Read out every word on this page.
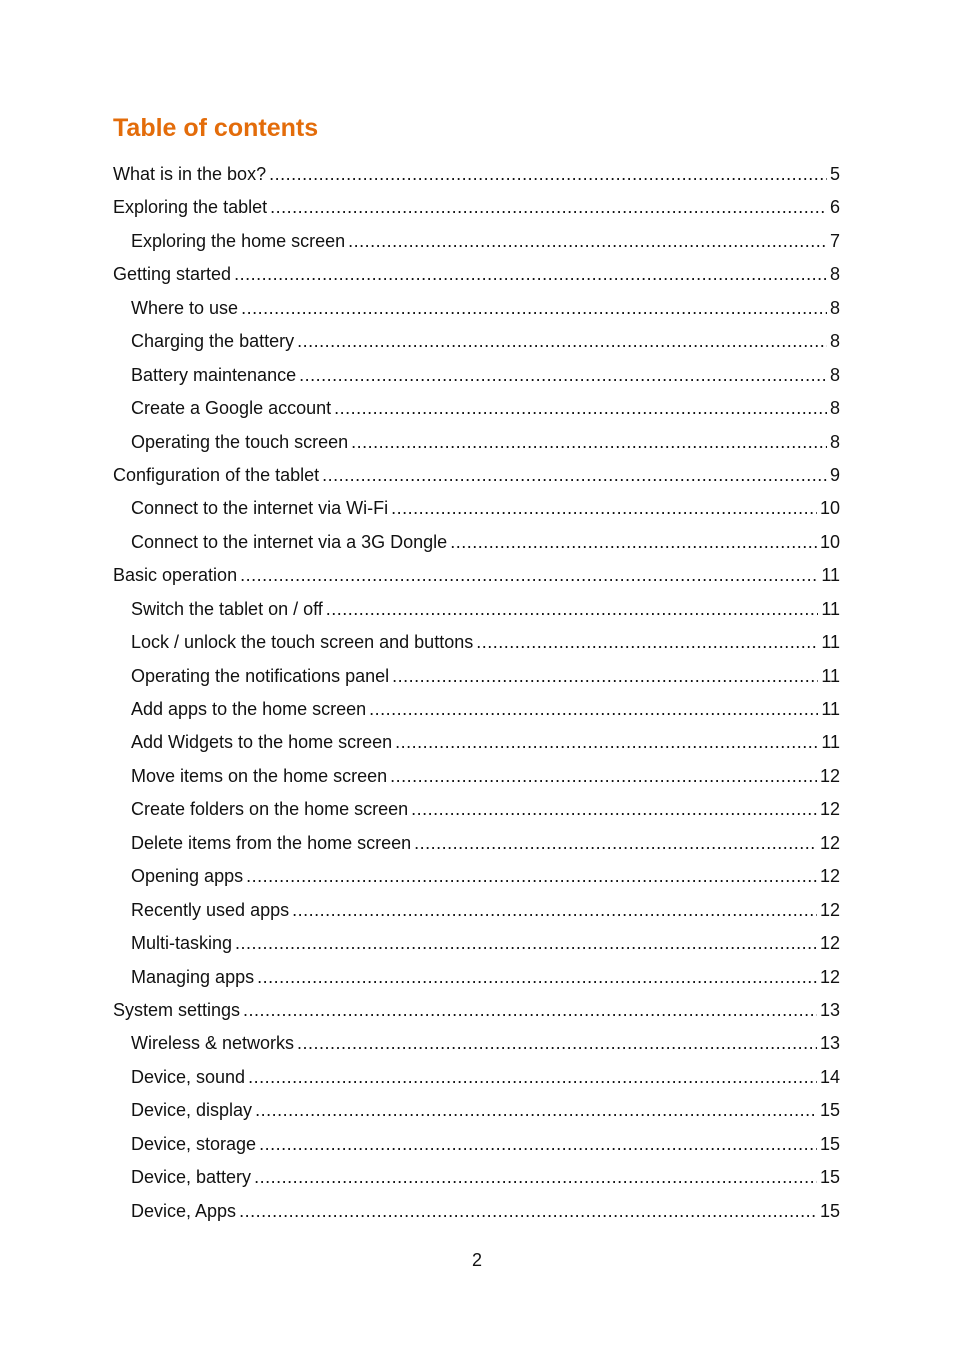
Table of contents
What is in the box? .....	5
Exploring the tablet .....	6
Exploring the home screen .....	7
Getting started .....	8
Where to use .....	8
Charging the battery .....	8
Battery maintenance .....	8
Create a Google account .....	8
Operating the touch screen .....	8
Configuration of the tablet .....	9
Connect to the internet via Wi-Fi .....	10
Connect to the internet via a 3G Dongle .....	10
Basic operation .....	11
Switch the tablet on / off .....	11
Lock / unlock the touch screen and buttons .....	11
Operating the notifications panel .....	11
Add apps to the home screen .....	11
Add Widgets to the home screen .....	11
Move items on the home screen .....	12
Create folders on the home screen .....	12
Delete items from the home screen .....	12
Opening apps .....	12
Recently used apps .....	12
Multi-tasking .....	12
Managing apps .....	12
System settings .....	13
Wireless & networks .....	13
Device, sound .....	14
Device, display .....	15
Device, storage .....	15
Device, battery .....	15
Device, Apps .....	15
2
